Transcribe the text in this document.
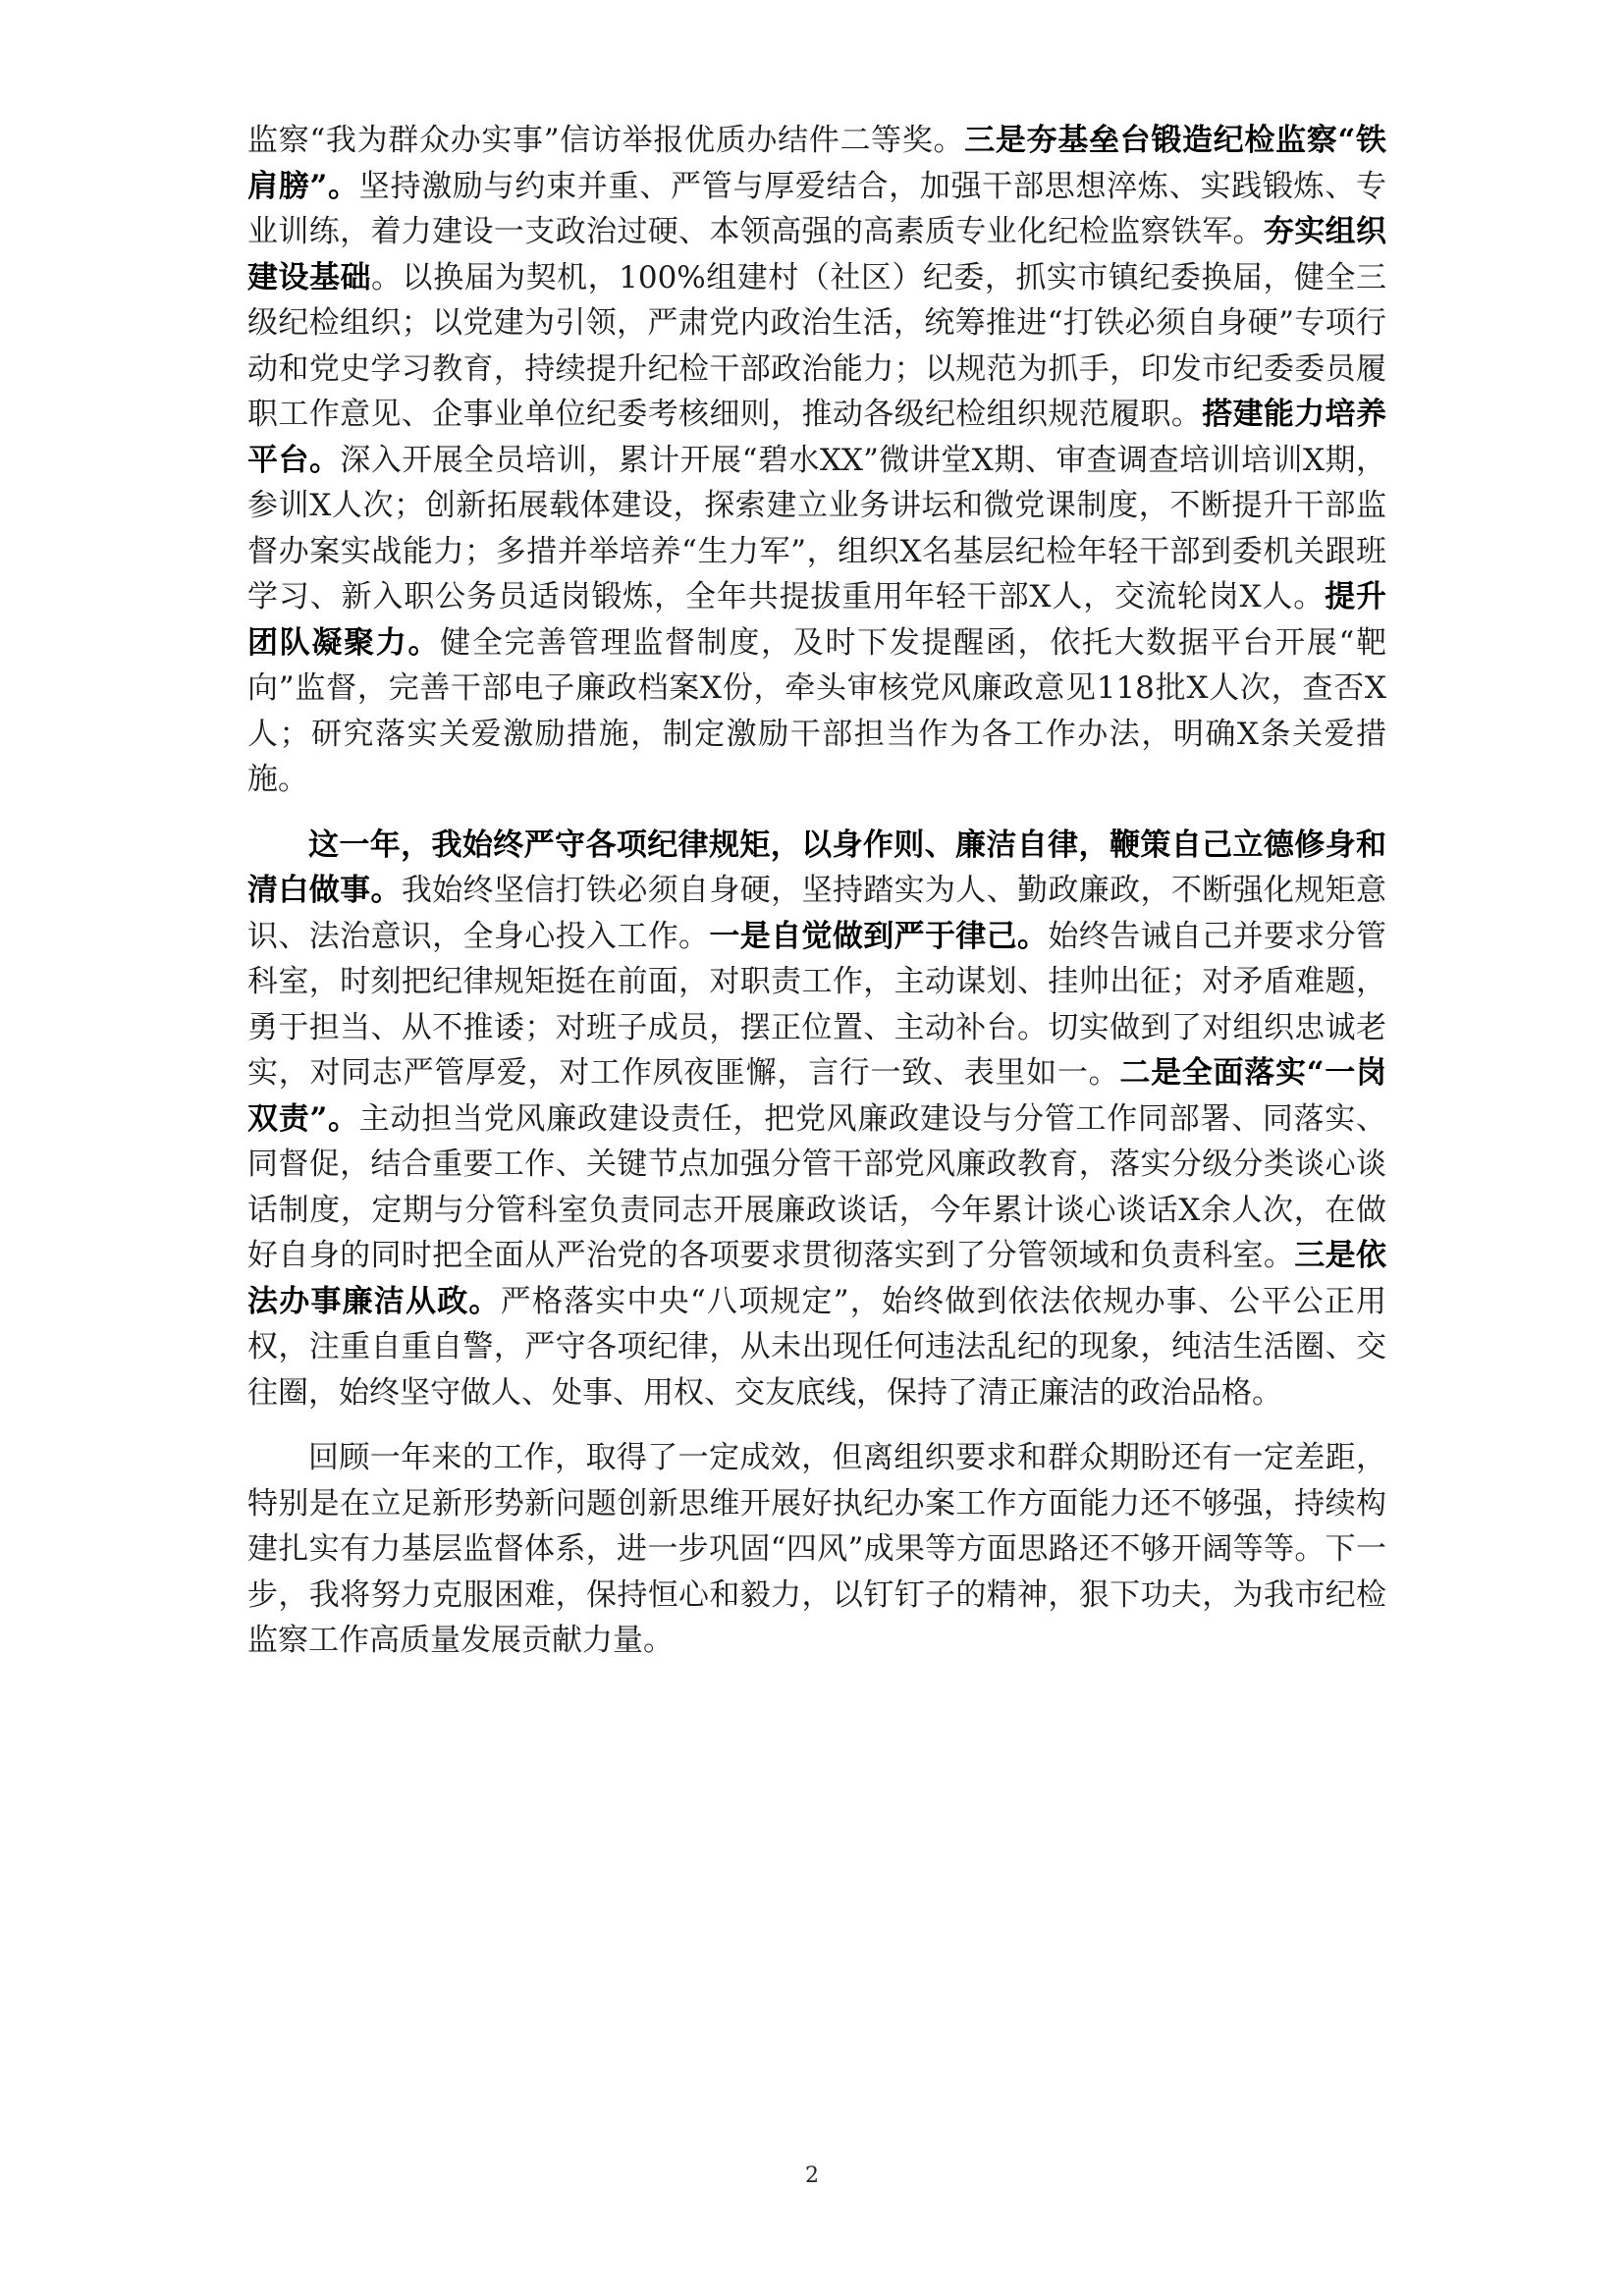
监察“我为群众办实事”信访举报优质办结件二等奖。三是夯基垒台锻造纪检监察“铁肩膀”。坚持激励与约束并重、严管与厚爱结合，加强干部思想淬炼、实践锻炼、专业训练，着力建设一支政治过硬、本领高强的高素质专业化纪检监察铁军。夯实组织建设基础。以换届为契机，100%组建村（社区）纪委，抓实市镇纪委换届，健全三级纪检组织；以党建为引领，严肃党内政治生活，统筹推进“打铁必须自身硬”专项行动和党史学习教育，持续提升纪检干部政治能力；以规范为抓手，印发市纪委委员履职工作意见、企事业单位纪委考核细则，推动各级纪检组织规范履职。搭建能力培养平台。深入开展全员培训，累计开展“碧水XX”微讲堂X期、审查调查培训培训X期，参训X人次；创新拓展载体建设，探索建立业务讲坛和微党课制度，不断提升干部监督办案实战能力；多措并举培养“生力军”，组织X名基层纪检年轻干部到委机关跟班学习、新入职公务员适岗锻炼，全年共提拔重用年轻干部X人，交流轮岗X人。提升团队凝聚力。健全完善管理监督制度，及时下发提醒函，依托大数据平台开展“靶向”监督，完善干部电子廉政档案X份，牵头审核党风廉政意见118批X人次，查否X人；研究落实关爱激励措施，制定激励干部担当作为各工作办法，明确X条关爱措施。

这一年，我始终严守各项纪律规矩，以身作则、廉洁自律，鞭策自己立德修身和清白做事。我始终坚信打铁必须自身硬，坚持踏实为人、勤政廉政，不断强化规矩意识、法治意识，全身心投入工作。一是自觉做到严于律己。始终告诫自己并要求分管科室，时刻把纪律规矩挺在前面，对职责工作，主动谋划、挂帅出征；对矛盾难题，勇于担当、从不推诿；对班子成员，摆正位置、主动补台。切实做到了对组织忠诚老实，对同志严管厚爱，对工作夙夜匪懈，言行一致、表里如一。二是全面落实“一岗双责”。主动担当党风廉政建设责任，把党风廉政建设与分管工作同部署、同落实、同督促，结合重要工作、关键节点加强分管干部党风廉政教育，落实分级分类谈心谈话制度，定期与分管科室负责同志开展廉政谈话，今年累计谈心谈话X余人次，在做好自身的同时把全面从严治党的各项要求贯彻落实到了分管领域和负责科室。三是依法办事廉洁从政。严格落实中央“八项规定”，始终做到依法依规办事、公平公正用权，注重自重自警，严守各项纪律，从未出现任何违法乱纪的现象，纯洁生活圈、交往圈，始终坚守做人、处事、用权、交友底线，保持了清正廉洁的政治品格。

回顾一年来的工作，取得了一定成效，但离组织要求和群众期盼还有一定差距，特别是在立足新形势新问题创新思维开展好执纪办案工作方面能力还不够强，持续构建扎实有力基层监督体系，进一步巩固“四风”成果等方面思路还不够开阔等等。下一步，我将努力克服困难，保持恒心和毅力，以钉钉子的精神，狠下功夫，为我市纪检监察工作高质量发展贡献力量。

2
